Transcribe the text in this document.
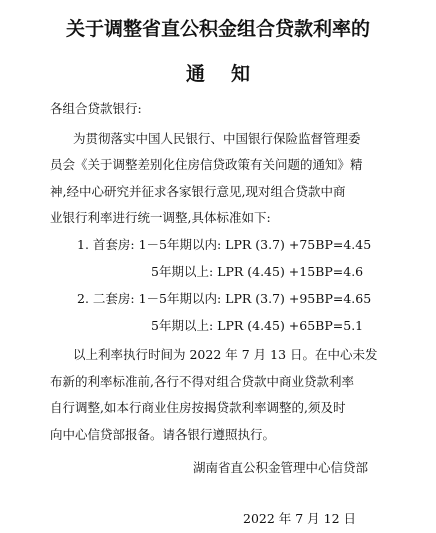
关于调整省直公积金组合贷款利率的
通知
各组合贷款银行:
为贯彻落实中国人民银行、中国银行保险监督管理委
员会《关于调整差别化住房信贷政策有关问题的通知》精
神,经中心研究并征求各家银行意见,现对组合贷款中商
业银行利率进行统一调整,具体标准如下:
1. 首套房: 1－5年期以内: LPR (3.7) +75BP=4.45
5年期以上: LPR (4.45) +15BP=4.6
2. 二套房: 1－5年期以内: LPR (3.7) +95BP=4.65
5年期以上: LPR (4.45) +65BP=5.1
以上利率执行时间为 2022 年 7 月 13 日。在中心未发
布新的利率标准前,各行不得对组合贷款中商业贷款利率
自行调整,如本行商业住房按揭贷款利率调整的,须及时
向中心信贷部报备。请各银行遵照执行。
湖南省直公积金管理中心信贷部
2022 年 7 月 12 日
